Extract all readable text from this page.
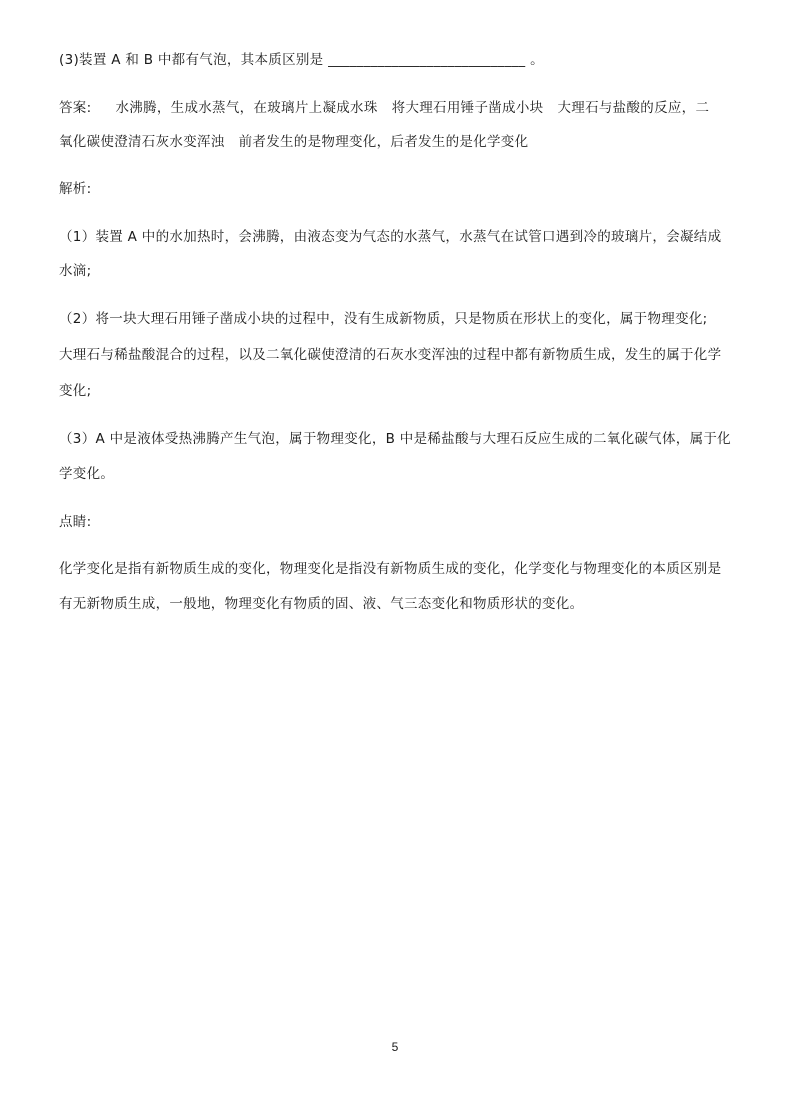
(3)装置 A 和 B 中都有气泡，其本质区别是 ____________________________ 。
答案: 水沸腾，生成水蒸气，在玻璃片上凝成水珠 将大理石用锤子凿成小块 大理石与盐酸的反应，二
氧化碳使澄清石灰水变浑浊 前者发生的是物理变化，后者发生的是化学变化
解析:
（1）装置 A 中的水加热时，会沸腾，由液态变为气态的水蒸气，水蒸气在试管口遇到冷的玻璃片，会凝结成
水滴;
（2）将一块大理石用锤子凿成小块的过程中，没有生成新物质，只是物质在形状上的变化，属于物理变化;
大理石与稀盐酸混合的过程，以及二氧化碳使澄清的石灰水变浑浊的过程中都有新物质生成，发生的属于化学
变化;
（3）A 中是液体受热沸腾产生气泡，属于物理变化，B 中是稀盐酸与大理石反应生成的二氧化碳气体，属于化
学变化。
点睛:
化学变化是指有新物质生成的变化，物理变化是指没有新物质生成的变化，化学变化与物理变化的本质区别是
有无新物质生成，一般地，物理变化有物质的固、液、气三态变化和物质形状的变化。
5
